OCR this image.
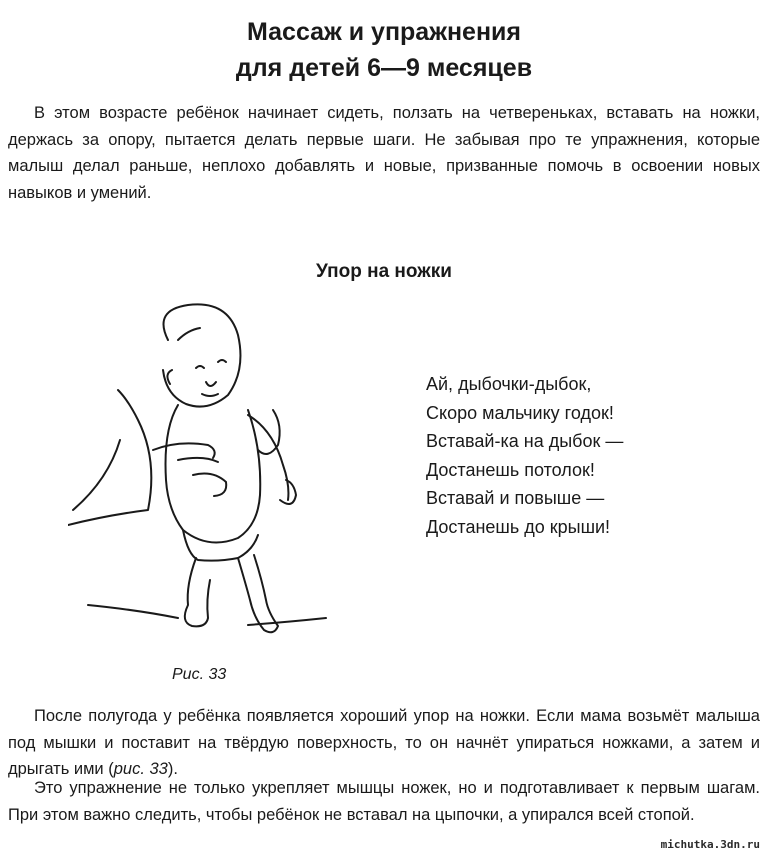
Массаж и упражнения
для детей 6—9 месяцев

В этом возрасте ребёнок начинает сидеть, ползать на четвереньках, вставать на ножки, держась за опору, пытается делать первые шаги. Не забывая про те упражнения, которые малыш делал раньше, неплохо добавлять и новые, призванные помочь в освоении новых навыков и умений.

Упор на ножки
Рис. 33
Ай, дыбочки-дыбок,
Скоро мальчику годок!
Вставай-ка на дыбок —
Достанешь потолок!
Вставай и повыше —
Достанешь до крыши!

После полугода у ребёнка появляется хороший упор на ножки. Если мама возьмёт малыша под мышки и поставит на твёрдую поверхность, то он начнёт упираться ножками, а затем и дрыгать ими (рис. 33).

Это упражнение не только укрепляет мышцы ножек, но и подготавливает к первым шагам. При этом важно следить, чтобы ребёнок не вставал на цыпочки, а упирался всей стопой.

michutka.3dn.ru
